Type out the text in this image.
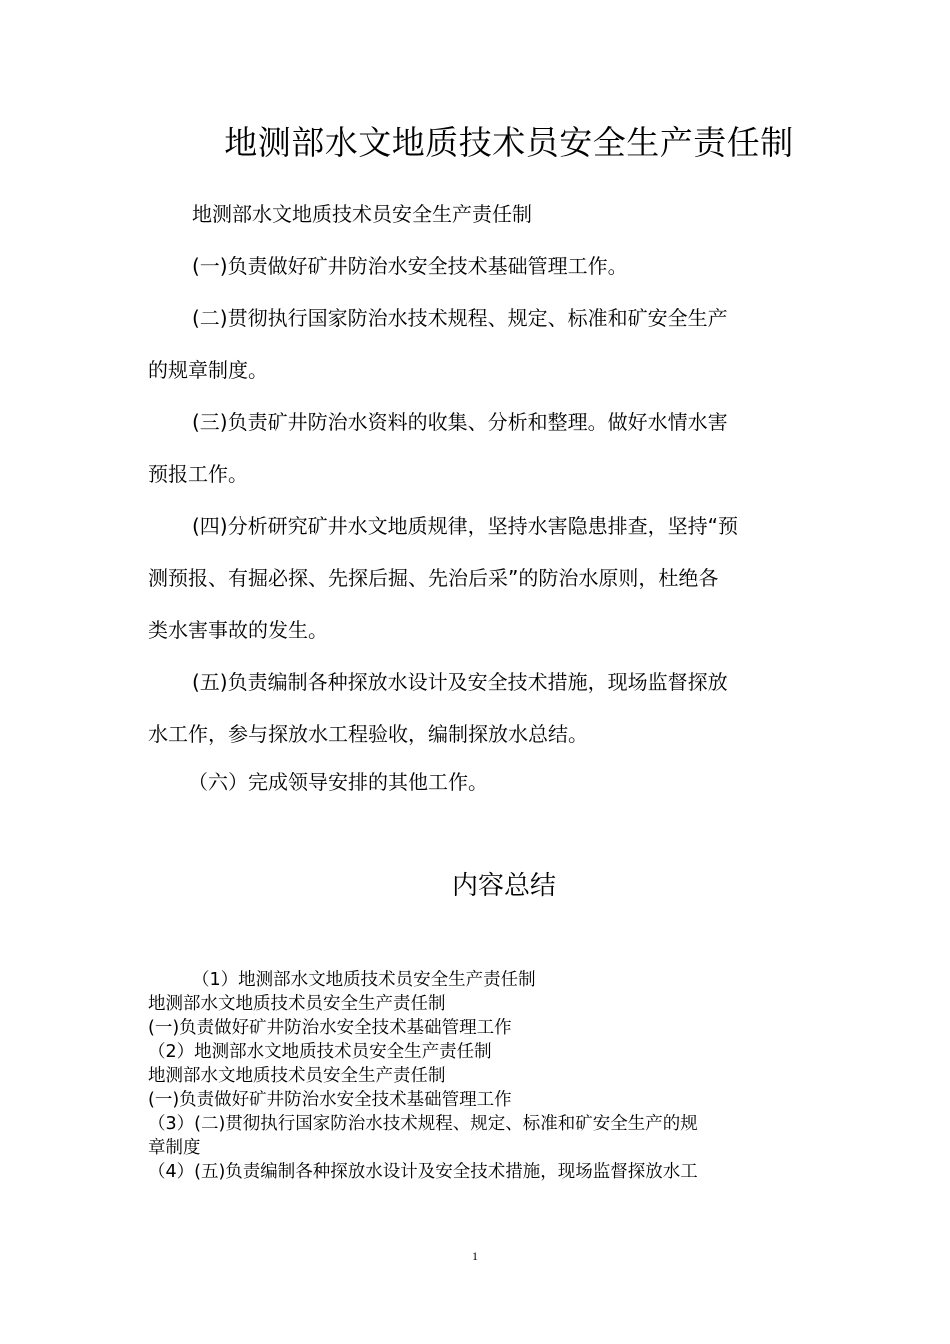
地测部水文地质技术员安全生产责任制
地测部水文地质技术员安全生产责任制
(一)负责做好矿井防治水安全技术基础管理工作。
(二)贯彻执行国家防治水技术规程、规定、标准和矿安全生产
的规章制度。
(三)负责矿井防治水资料的收集、分析和整理。做好水情水害
预报工作。
(四)分析研究矿井水文地质规律，坚持水害隐患排查，坚持“预
测预报、有掘必探、先探后掘、先治后采”的防治水原则，杜绝各
类水害事故的发生。
(五)负责编制各种探放水设计及安全技术措施，现场监督探放
水工作，参与探放水工程验收，编制探放水总结。
（六）完成领导安排的其他工作。
内容总结
（1）地测部水文地质技术员安全生产责任制
地测部水文地质技术员安全生产责任制
(一)负责做好矿井防治水安全技术基础管理工作
（2）地测部水文地质技术员安全生产责任制
地测部水文地质技术员安全生产责任制
(一)负责做好矿井防治水安全技术基础管理工作
（3）(二)贯彻执行国家防治水技术规程、规定、标准和矿安全生产的规
章制度
（4）(五)负责编制各种探放水设计及安全技术措施，现场监督探放水工
1
